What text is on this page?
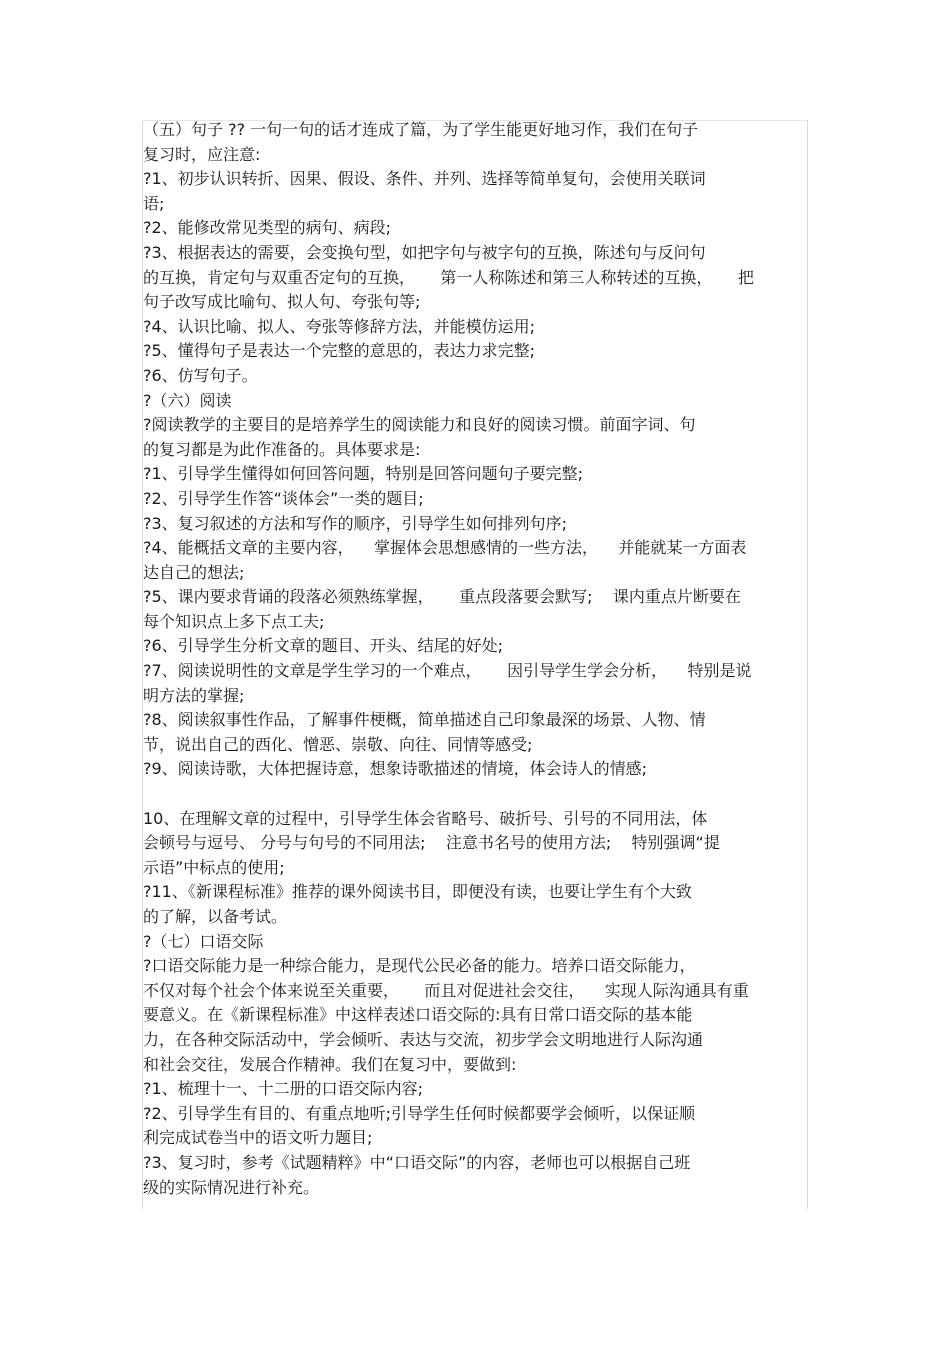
（五）句子 ?? 一句一句的话才连成了篇，为了学生能更好地习作，我们在句子
复习时，应注意:
?1、初步认识转折、因果、假设、条件、并列、选择等简单复句，会使用关联词
语;
?2、能修改常见类型的病句、病段;
?3、根据表达的需要，会变换句型，如把字句与被字句的互换，陈述句与反问句
的互换，肯定句与双重否定句的互换，     第一人称陈述和第三人称转述的互换，     把
句子改写成比喻句、拟人句、夸张句等;
?4、认识比喻、拟人、夸张等修辞方法，并能模仿运用;
?5、懂得句子是表达一个完整的意思的，表达力求完整;
?6、仿写句子。
?（六）阅读
?阅读教学的主要目的是培养学生的阅读能力和良好的阅读习惯。前面字词、句
的复习都是为此作准备的。具体要求是:
?1、引导学生懂得如何回答问题，特别是回答问题句子要完整;
?2、引导学生作答“谈体会”一类的题目;
?3、复习叙述的方法和写作的顺序，引导学生如何排列句序;
?4、能概括文章的主要内容，    掌握体会思想感情的一些方法，    并能就某一方面表
达自己的想法;
?5、课内要求背诵的段落必须熟练掌握，     重点段落要会默写;    课内重点片断要在
每个知识点上多下点工夫;
?6、引导学生分析文章的题目、开头、结尾的好处;
?7、阅读说明性的文章是学生学习的一个难点，     因引导学生学会分析，    特别是说
明方法的掌握;
?8、阅读叙事性作品，了解事件梗概，简单描述自己印象最深的场景、人物、情
节，说出自己的西化、憎恶、崇敬、向往、同情等感受;
?9、阅读诗歌，大体把握诗意，想象诗歌描述的情境，体会诗人的情感;
10、在理解文章的过程中，引导学生体会省略号、破折号、引号的不同用法，体
会顿号与逗号、 分号与句号的不同用法;    注意书名号的使用方法;    特别强调“提
示语”中标点的使用;
?11、《新课程标准》推荐的课外阅读书目，即便没有读，也要让学生有个大致
的了解，以备考试。
?（七）口语交际
?口语交际能力是一种综合能力，是现代公民必备的能力。培养口语交际能力，
不仅对每个社会个体来说至关重要，     而且对促进社会交往，    实现人际沟通具有重
要意义。在《新课程标准》中这样表述口语交际的:具有日常口语交际的基本能
力，在各种交际活动中，学会倾听、表达与交流，初步学会文明地进行人际沟通
和社会交往，发展合作精神。我们在复习中，要做到:
?1、梳理十一、十二册的口语交际内容;
?2、引导学生有目的、有重点地听;引导学生任何时候都要学会倾听，以保证顺
利完成试卷当中的语文听力题目;
?3、复习时，参考《试题精粹》中“口语交际”的内容，老师也可以根据自己班
级的实际情况进行补充。
